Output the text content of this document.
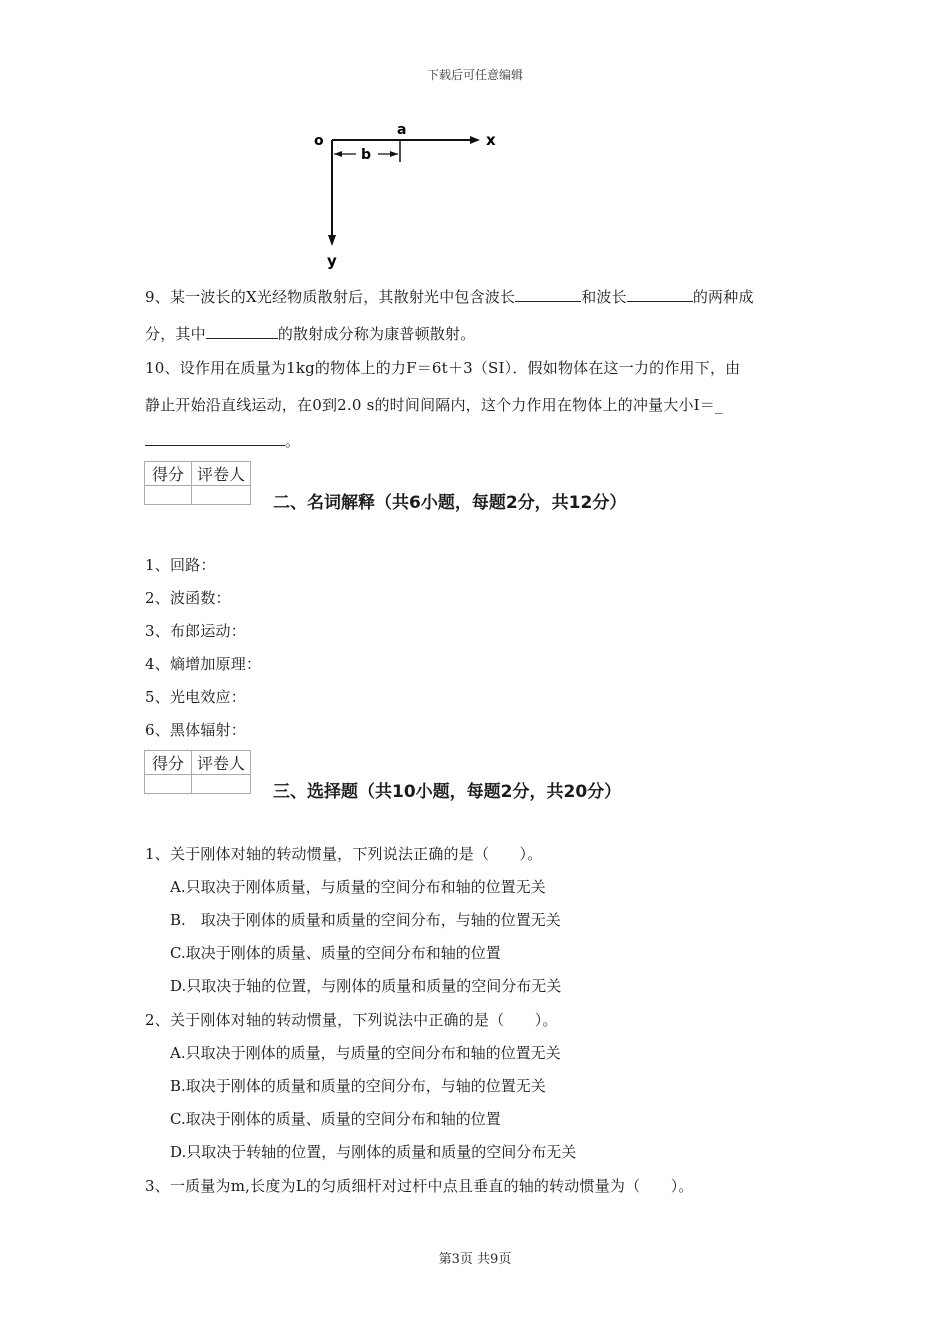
下载后可任意编辑
o
a
b
x
y
9、某一波长的X光经物质散射后，其散射光中包含波长	和波长	的两种成
分，其中	的散射成分称为康普顿散射。
10、设作用在质量为1kg的物体上的力F＝6t＋3（SI）．假如物体在这一力的作用下，由
静止开始沿直线运动，在0到2.0 s的时间间隔内，这个力作用在物体上的冲量大小I＝_
。
得分	评卷人

二、名词解释（共6小题，每题2分，共12分）
1、回路：
2、波函数：
3、布郎运动：
4、熵增加原理：
5、光电效应：
6、黑体辐射：
得分	评卷人

三、选择题（共10小题，每题2分，共20分）
1、关于刚体对轴的转动惯量，下列说法正确的是（　　）。
A.只取决于刚体质量，与质量的空间分布和轴的位置无关
B.　取决于刚体的质量和质量的空间分布，与轴的位置无关
C.取决于刚体的质量、质量的空间分布和轴的位置
D.只取决于轴的位置，与刚体的质量和质量的空间分布无关
2、关于刚体对轴的转动惯量，下列说法中正确的是（　　）。
A.只取决于刚体的质量，与质量的空间分布和轴的位置无关
B.取决于刚体的质量和质量的空间分布，与轴的位置无关
C.取决于刚体的质量、质量的空间分布和轴的位置
D.只取决于转轴的位置，与刚体的质量和质量的空间分布无关
3、一质量为m,长度为L的匀质细杆对过杆中点且垂直的轴的转动惯量为（　　）。
第3页 共9页
